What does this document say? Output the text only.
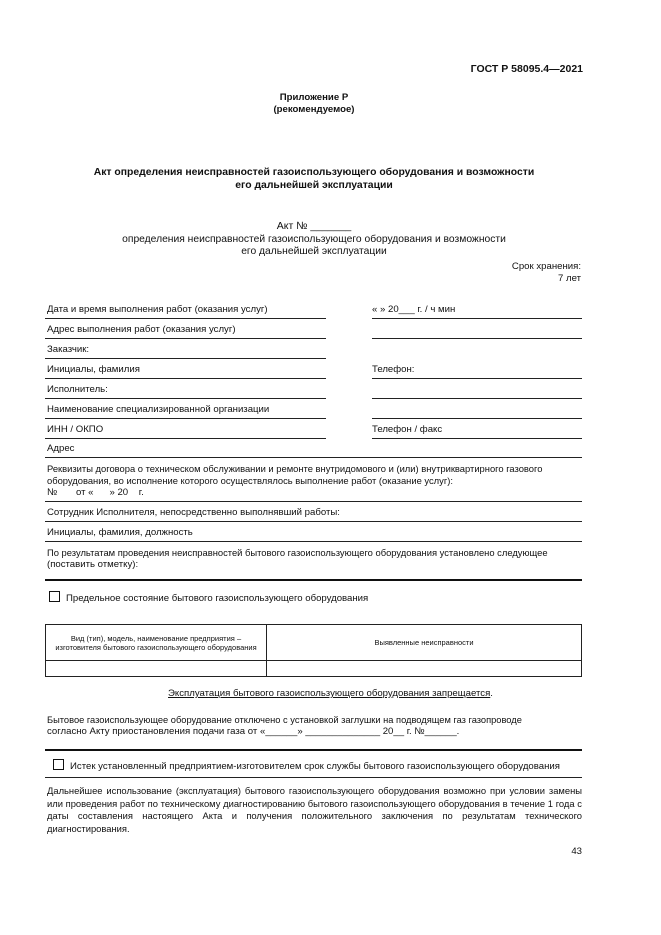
ГОСТ Р 58095.4—2021
Приложение Р
(рекомендуемое)
Акт определения неисправностей газоиспользующего оборудования и возможности
его дальнейшей эксплуатации
Акт № _______
определения неисправностей газоиспользующего оборудования и возможности
его дальнейшей эксплуатации
Срок хранения:
7 лет
Дата и время выполнения работ (оказания услуг)	« » 20___ г. / ч мин
Адрес выполнения работ (оказания услуг)
Заказчик:
Инициалы, фамилия	Телефон:
Исполнитель:
Наименование специализированной организации
ИНН / ОКПО	Телефон / факс
Адрес
Реквизиты договора о техническом обслуживании и ремонте внутридомового и (или) внутриквартирного газового
оборудования, во исполнение которого осуществлялось выполнение работ (оказание услуг):
№       от «      » 20    г.
Сотрудник Исполнителя, непосредственно выполнявший работы:
Инициалы, фамилия, должность
По результатам проведения неисправностей бытового газоиспользующего оборудования установлено следующее
(поставить отметку):
Предельное состояние бытового газоиспользующего оборудования
Вид (тип), модель, наименование предприятия – изготовителя бытового газоиспользующего оборудования	Выявленные неисправности

Эксплуатация бытового газоиспользующего оборудования запрещается.
Бытовое газоиспользующее оборудование отключено с установкой заглушки на подводящем газ газопроводе
согласно Акту приостановления подачи газа от «______» ______________ 20__ г. №______.
Истек установленный предприятием-изготовителем срок службы бытового газоиспользующего оборудования
Дальнейшее использование (эксплуатация) бытового газоиспользующего оборудования возможно при условии замены или проведения работ по техническому диагностированию бытового газоиспользующего оборудования в течение 1 года с даты составления настоящего Акта и получения положительного заключения по результатам технического диагностирования.
43
